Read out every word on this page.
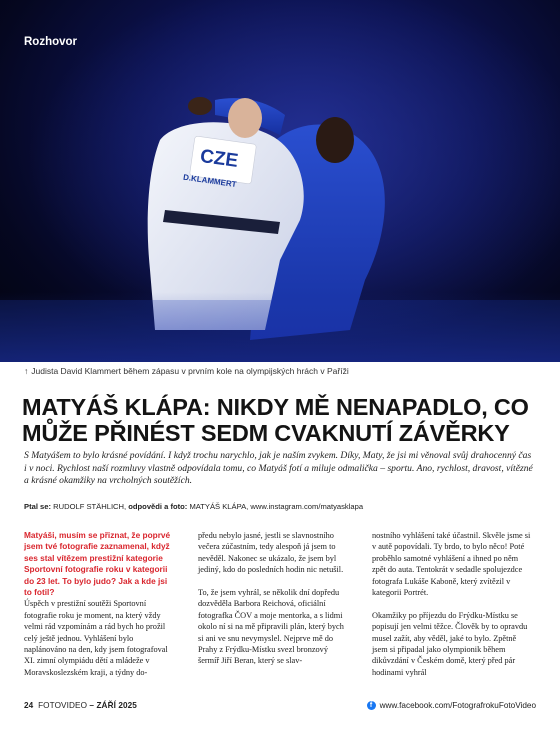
CZE
D.KLAMMERT
Rozhovor
↑ Judista David Klammert během zápasu v prvním kole na olympijských hrách v Paříži
MATYÁŠ KLÁPA: NIKDY MĚ NENAPADLO, CO MŮŽE PŘINÉST SEDM CVAKNUTÍ ZÁVĚRKY
S Matyášem to bylo krásné povídání. I když trochu narychlo, jak je naším zvykem. Díky, Maty, že jsi mi věnoval svůj drahocenný čas i v noci. Rychlost naší rozmluvy vlastně odpovídala tomu, co Matyáš fotí a miluje odmalička – sportu. Ano, rychlost, dravost, vítězné a krásné okamžiky na vrcholných soutěžích.
Ptal se: RUDOLF STÄHLICH, odpovědi a foto: MATYÁŠ KLÁPA, www.instagram.com/matyasklapa
Matyáši, musím se přiznat, že poprvé jsem tvé fotografie zaznamenal, když ses stal vítězem prestižní kategorie Sportovní fotografie roku v kategorii do 23 let. To bylo judo? Jak a kde jsi to fotil?

Úspěch v prestižní soutěži Sportovní fotografie roku je moment, na který vždy velmi rád vzpomínám a rád bych ho prožil celý ještě jednou. Vyhlášení bylo naplánováno na den, kdy jsem fotografoval XI. zimní olympiádu dětí a mládeže v Moravskoslezském kraji, a týdny do-

předu nebylo jasné, jestli se slavnostního večera zúčastním, tedy alespoň já jsem to nevěděl. Nakonec se ukázalo, že jsem byl jediný, kdo do posledních hodin nic netušil.

To, že jsem vyhrál, se několik dní dopředu dozvěděla Barbora Reichová, oficiální fotografka ČOV a moje mentorka, a s lidmi okolo ní si na mě připravili plán, který bych si ani ve snu nevymyslel. Nejprve mě do Prahy z Frýdku-Místku svezl bronzový šermíř Jiří Beran, který se slav-

nostního vyhlášení také účastnil. Skvěle jsme si v autě popovídali. Ty brdo, to bylo něco! Poté proběhlo samotné vyhlášení a ihned po něm zpět do auta. Tentokrát v sedadle spolujezdce fotografa Lukáše Kaboně, který zvítězil v kategorii Portrét.

Okamžiky po příjezdu do Frýdku-Místku se popisují jen velmi těžce. Člověk by to opravdu musel zažít, aby věděl, jaké to bylo. Zpětně jsem si připadal jako olympionik během dikůvzdání v Českém domě, který před pár hodinami vyhrál

24 FOTOVIDEO – ZÁŘÍ 2025	f www.facebook.com/FotografrokuFotoVideo
